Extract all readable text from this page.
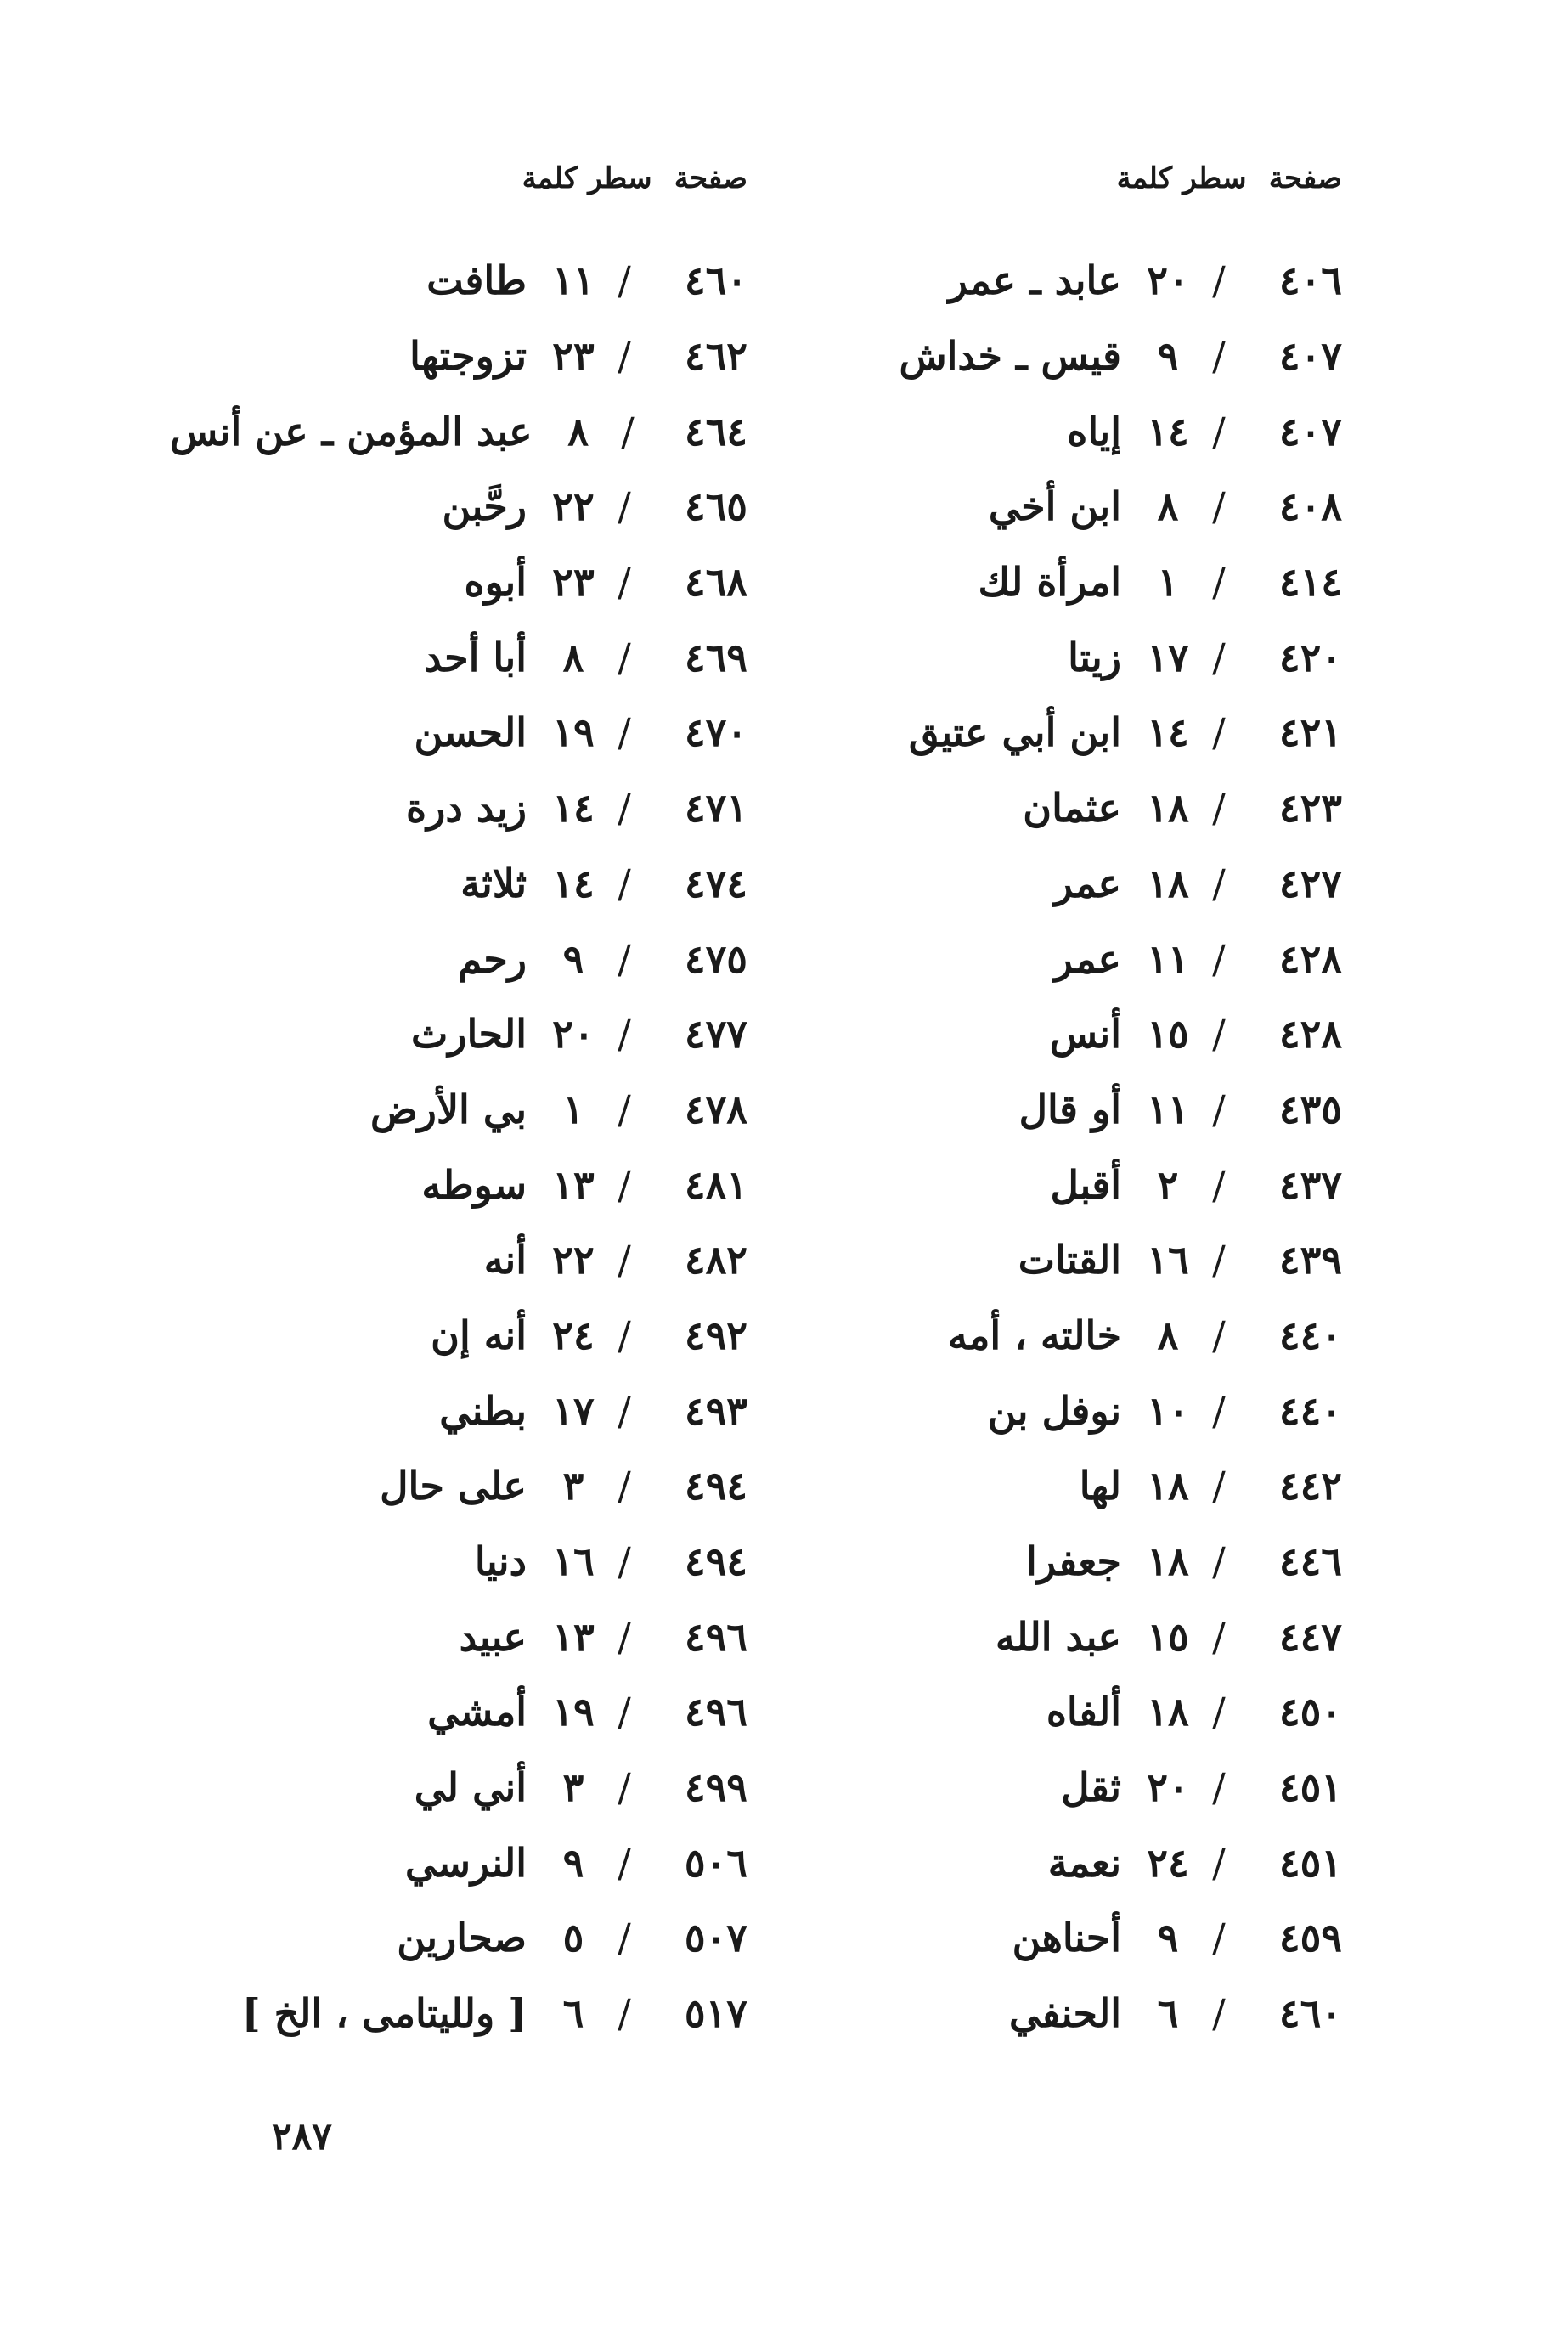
صفحة
سطر
كلمة
٤٠٦
/
٢٠
عابد ـ عمر
٤٠٧
/
٩
قيس ـ خداش
٤٠٧
/
١٤
إياه
٤٠٨
/
٨
ابن أخي
٤١٤
/
١
امرأة لك
٤٢٠
/
١٧
زيتا
٤٢١
/
١٤
ابن أبي عتيق
٤٢٣
/
١٨
عثمان
٤٢٧
/
١٨
عمر
٤٢٨
/
١١
عمر
٤٢٨
/
١٥
أنس
٤٣٥
/
١١
أو قال
٤٣٧
/
٢
أقبل
٤٣٩
/
١٦
القتات
٤٤٠
/
٨
خالته ، أمه
٤٤٠
/
١٠
نوفل بن
٤٤٢
/
١٨
لها
٤٤٦
/
١٨
جعفرا
٤٤٧
/
١٥
عبد الله
٤٥٠
/
١٨
ألفاه
٤٥١
/
٢٠
ثقل
٤٥١
/
٢٤
نعمة
٤٥٩
/
٩
أحناهن
٤٦٠
/
٦
الحنفي
صفحة
سطر
كلمة
٤٦٠
/
١١
طافت
٤٦٢
/
٢٣
تزوجتها
٤٦٤
/
٨
عبد المؤمن ـ عن أنس
٤٦٥
/
٢٢
رحَّبن
٤٦٨
/
٢٣
أبوه
٤٦٩
/
٨
أبا أحد
٤٧٠
/
١٩
الحسن
٤٧١
/
١٤
زيد درة
٤٧٤
/
١٤
ثلاثة
٤٧٥
/
٩
رحم
٤٧٧
/
٢٠
الحارث
٤٧٨
/
١
بي الأرض
٤٨١
/
١٣
سوطه
٤٨٢
/
٢٢
أنه
٤٩٢
/
٢٤
أنه إن
٤٩٣
/
١٧
بطني
٤٩٤
/
٣
على حال
٤٩٤
/
١٦
دنيا
٤٩٦
/
١٣
عبيد
٤٩٦
/
١٩
أمشي
٤٩٩
/
٣
أني لي
٥٠٦
/
٩
النرسي
٥٠٧
/
٥
صحارين
٥١٧
/
٦
[ ولليتامى ، الخ ]
٢٨٧
